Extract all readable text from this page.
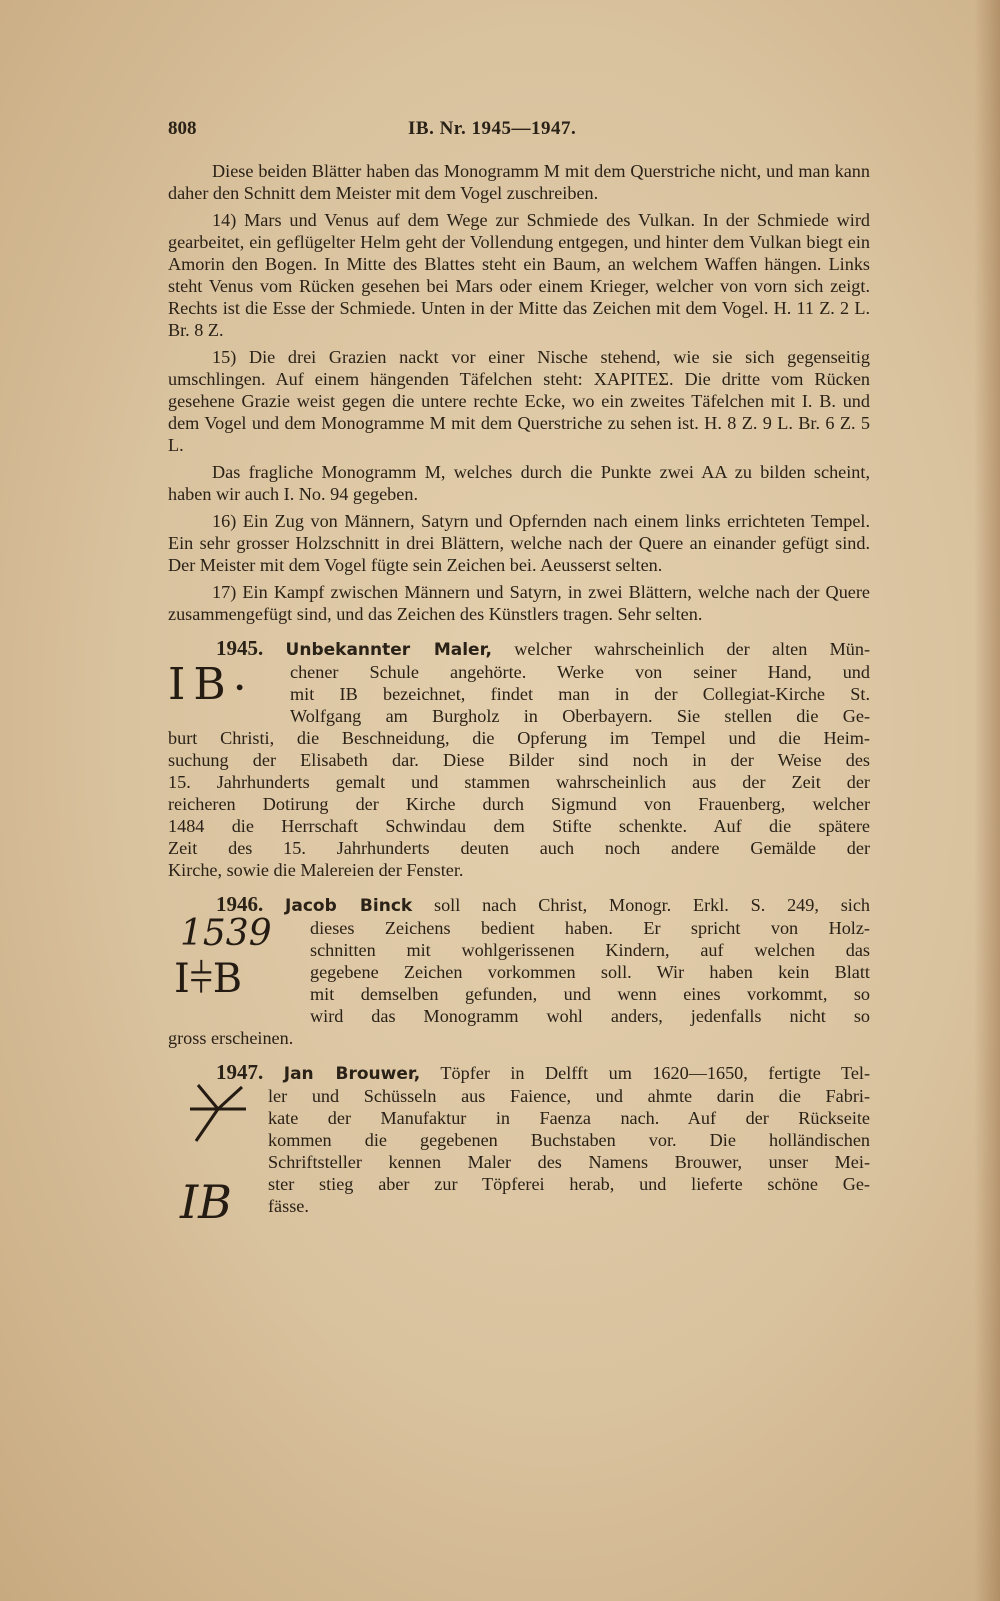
808	IB. Nr. 1945—1947.

Diese beiden Blätter haben das Monogramm M mit dem Querstriche nicht, und man kann daher den Schnitt dem Meister mit dem Vogel zuschreiben.

14) Mars und Venus auf dem Wege zur Schmiede des Vulkan. In der Schmiede wird gearbeitet, ein geflügelter Helm geht der Vollendung entgegen, und hinter dem Vulkan biegt ein Amorin den Bogen. In Mitte des Blattes steht ein Baum, an welchem Waffen hängen. Links steht Venus vom Rücken gesehen bei Mars oder einem Krieger, welcher von vorn sich zeigt. Rechts ist die Esse der Schmiede. Unten in der Mitte das Zeichen mit dem Vogel. H. 11 Z. 2 L. Br. 8 Z.

15) Die drei Grazien nackt vor einer Nische stehend, wie sie sich gegenseitig umschlingen. Auf einem hängenden Täfelchen steht: ΧΑΡΙΤΕΣ. Die dritte vom Rücken gesehene Grazie weist gegen die untere rechte Ecke, wo ein zweites Täfelchen mit I. B. und dem Vogel und dem Monogramme M mit dem Querstriche zu sehen ist. H. 8 Z. 9 L. Br. 6 Z. 5 L.

Das fragliche Monogramm M, welches durch die Punkte zwei AA zu bilden scheint, haben wir auch I. No. 94 gegeben.

16) Ein Zug von Männern, Satyrn und Opfernden nach einem links errichteten Tempel. Ein sehr grosser Holzschnitt in drei Blättern, welche nach der Quere an einander gefügt sind. Der Meister mit dem Vogel fügte sein Zeichen bei. Aeusserst selten.

17) Ein Kampf zwischen Männern und Satyrn, in zwei Blättern, welche nach der Quere zusammengefügt sind, und das Zeichen des Künstlers tragen. Sehr selten.

IB•
1945. Unbekannter Maler, welcher wahrscheinlich der alten Mün-
chener Schule angehörte. Werke von seiner Hand, und
mit IB bezeichnet, findet man in der Collegiat-Kirche St.
Wolfgang am Burgholz in Oberbayern. Sie stellen die Ge-
burt Christi, die Beschneidung, die Opferung im Tempel und die Heim-
suchung der Elisabeth dar. Diese Bilder sind noch in der Weise des
15. Jahrhunderts gemalt und stammen wahrscheinlich aus der Zeit der
reicheren Dotirung der Kirche durch Sigmund von Frauenberg, welcher
1484 die Herrschaft Schwindau dem Stifte schenkte. Auf die spätere
Zeit des 15. Jahrhunderts deuten auch noch andere Gemälde der
Kirche, sowie die Malereien der Fenster.
1539
I⫩B
1946. Jacob Binck soll nach Christ, Monogr. Erkl. S. 249, sich
dieses Zeichens bedient haben. Er spricht von Holz-
schnitten mit wohlgerissenen Kindern, auf welchen das
gegebene Zeichen vorkommen soll. Wir haben kein Blatt
mit demselben gefunden, und wenn eines vorkommt, so
wird das Monogramm wohl anders, jedenfalls nicht so
gross erscheinen.
IB
1947. Jan Brouwer, Töpfer in Delfft um 1620—1650, fertigte Tel-
ler und Schüsseln aus Faience, und ahmte darin die Fabri-
kate der Manufaktur in Faenza nach. Auf der Rückseite
kommen die gegebenen Buchstaben vor. Die holländischen
Schriftsteller kennen Maler des Namens Brouwer, unser Mei-
ster stieg aber zur Töpferei herab, und lieferte schöne Ge-
fässe.
